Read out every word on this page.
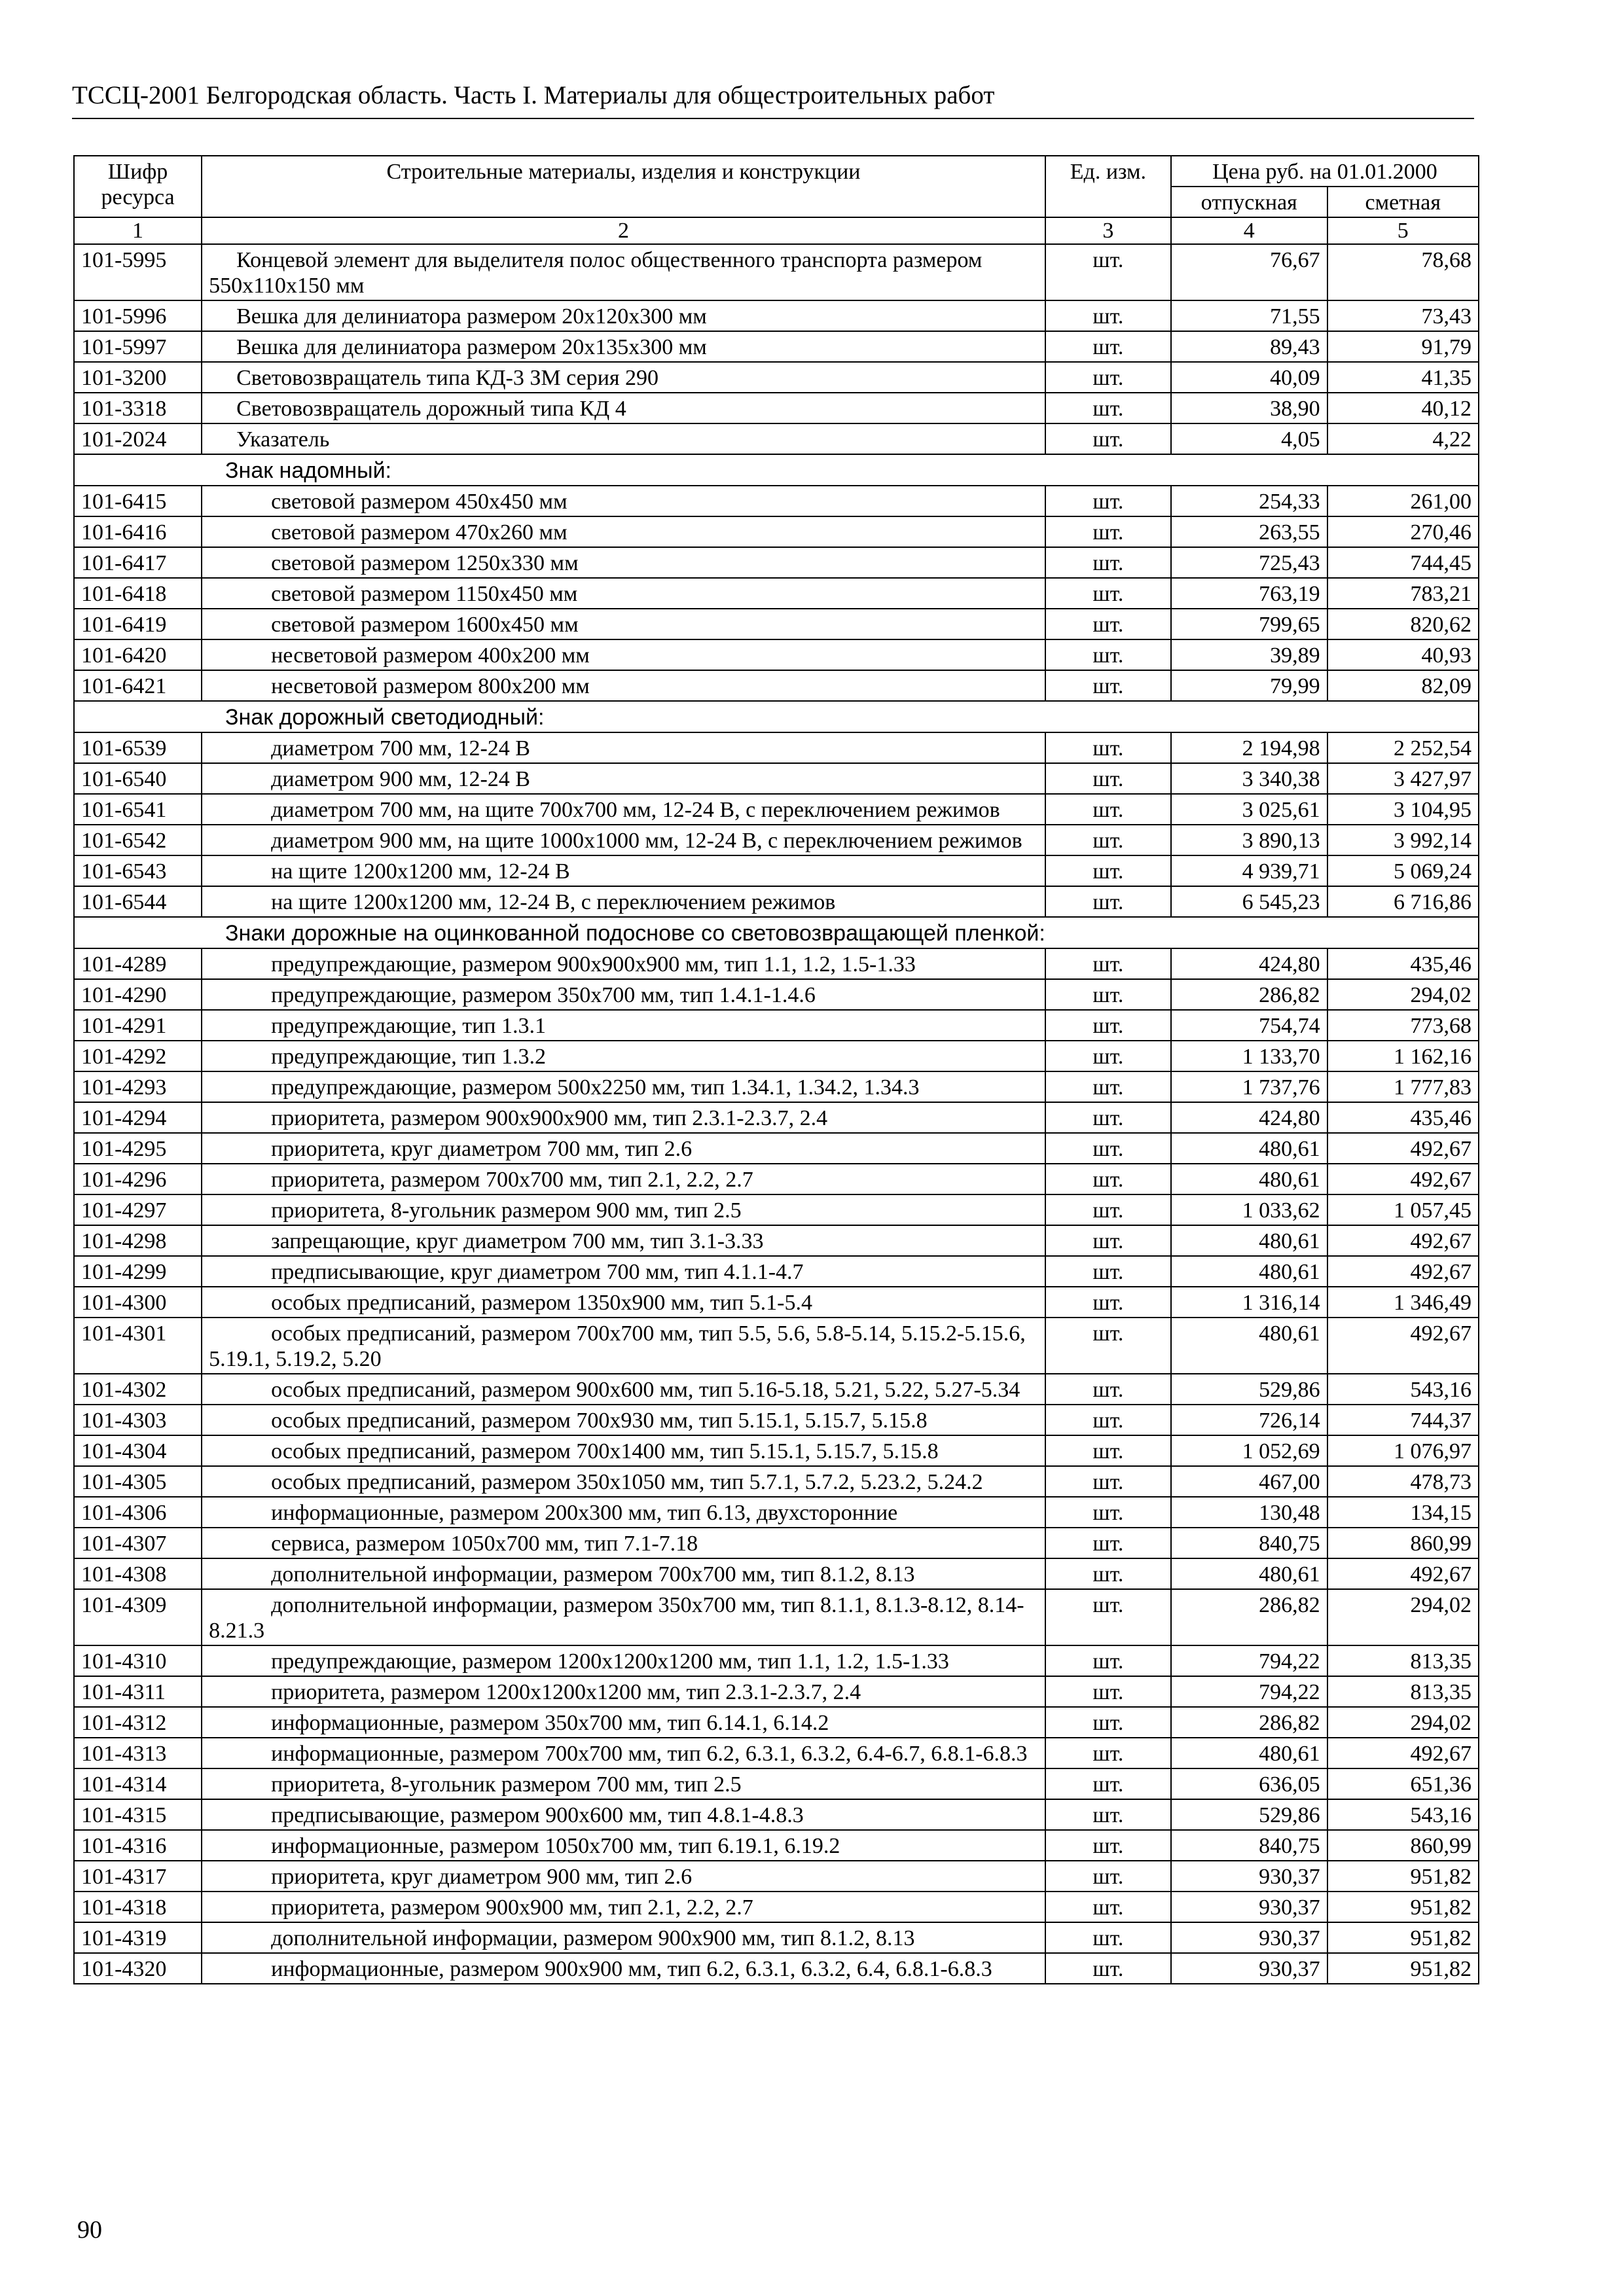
ТССЦ-2001 Белгородская область. Часть I. Материалы для общестроительных работ
Шифр ресурса	Строительные материалы, изделия и конструкции	Ед. изм.	Цена руб. на 01.01.2000	
			отпускная	сметная
1	2	3	4	5
101-5995	Концевой элемент для выделителя полос общественного транспорта размером 550х110х150 мм	шт.	76,67	78,68
101-5996	Вешка для делиниатора размером 20х120х300 мм	шт.	71,55	73,43
101-5997	Вешка для делиниатора размером 20х135х300 мм	шт.	89,43	91,79
101-3200	Световозвращатель типа КД-3 ЗМ серия 290	шт.	40,09	41,35
101-3318	Световозвращатель дорожный типа КД 4	шт.	38,90	40,12
101-2024	Указатель	шт.	4,05	4,22
Знак надомный:				
101-6415	световой размером 450х450 мм	шт.	254,33	261,00
101-6416	световой размером 470х260 мм	шт.	263,55	270,46
101-6417	световой размером 1250х330 мм	шт.	725,43	744,45
101-6418	световой размером 1150х450 мм	шт.	763,19	783,21
101-6419	световой размером 1600х450 мм	шт.	799,65	820,62
101-6420	несветовой размером 400х200 мм	шт.	39,89	40,93
101-6421	несветовой размером 800х200 мм	шт.	79,99	82,09
Знак дорожный светодиодный:				
101-6539	диаметром 700 мм, 12-24 В	шт.	2 194,98	2 252,54
101-6540	диаметром 900 мм, 12-24 В	шт.	3 340,38	3 427,97
101-6541	диаметром 700 мм, на щите 700х700 мм, 12-24 В, с переключением режимов	шт.	3 025,61	3 104,95
101-6542	диаметром 900 мм, на щите 1000х1000 мм, 12-24 В, с переключением режимов	шт.	3 890,13	3 992,14
101-6543	на щите 1200х1200 мм, 12-24 В	шт.	4 939,71	5 069,24
101-6544	на щите 1200х1200 мм, 12-24 В, с переключением режимов	шт.	6 545,23	6 716,86
Знаки дорожные на оцинкованной подоснове со световозвращающей пленкой:				
101-4289	предупреждающие, размером 900х900х900 мм, тип 1.1, 1.2, 1.5-1.33	шт.	424,80	435,46
101-4290	предупреждающие, размером 350х700 мм, тип 1.4.1-1.4.6	шт.	286,82	294,02
101-4291	предупреждающие, тип 1.3.1	шт.	754,74	773,68
101-4292	предупреждающие, тип 1.3.2	шт.	1 133,70	1 162,16
101-4293	предупреждающие, размером 500х2250 мм, тип 1.34.1, 1.34.2, 1.34.3	шт.	1 737,76	1 777,83
101-4294	приоритета, размером 900х900х900 мм, тип 2.3.1-2.3.7, 2.4	шт.	424,80	435,46
101-4295	приоритета, круг диаметром 700 мм, тип 2.6	шт.	480,61	492,67
101-4296	приоритета, размером 700х700 мм, тип 2.1, 2.2, 2.7	шт.	480,61	492,67
101-4297	приоритета, 8-угольник размером 900 мм, тип 2.5	шт.	1 033,62	1 057,45
101-4298	запрещающие, круг диаметром 700 мм, тип 3.1-3.33	шт.	480,61	492,67
101-4299	предписывающие, круг диаметром 700 мм, тип 4.1.1-4.7	шт.	480,61	492,67
101-4300	особых предписаний, размером 1350х900 мм, тип 5.1-5.4	шт.	1 316,14	1 346,49
101-4301	особых предписаний, размером 700х700 мм, тип 5.5, 5.6, 5.8-5.14, 5.15.2-5.15.6, 5.19.1, 5.19.2, 5.20	шт.	480,61	492,67
101-4302	особых предписаний, размером 900х600 мм, тип 5.16-5.18, 5.21, 5.22, 5.27-5.34	шт.	529,86	543,16
101-4303	особых предписаний, размером 700х930 мм, тип 5.15.1, 5.15.7, 5.15.8	шт.	726,14	744,37
101-4304	особых предписаний, размером 700х1400 мм, тип 5.15.1, 5.15.7, 5.15.8	шт.	1 052,69	1 076,97
101-4305	особых предписаний, размером 350х1050 мм, тип 5.7.1, 5.7.2, 5.23.2, 5.24.2	шт.	467,00	478,73
101-4306	информационные, размером 200х300 мм, тип 6.13, двухсторонние	шт.	130,48	134,15
101-4307	сервиса, размером 1050х700 мм, тип 7.1-7.18	шт.	840,75	860,99
101-4308	дополнительной информации, размером 700х700 мм, тип 8.1.2, 8.13	шт.	480,61	492,67
101-4309	дополнительной информации, размером 350х700 мм, тип 8.1.1, 8.1.3-8.12, 8.14-8.21.3	шт.	286,82	294,02
101-4310	предупреждающие, размером 1200х1200х1200 мм, тип 1.1, 1.2, 1.5-1.33	шт.	794,22	813,35
101-4311	приоритета, размером 1200х1200х1200 мм, тип 2.3.1-2.3.7, 2.4	шт.	794,22	813,35
101-4312	информационные, размером 350х700 мм, тип 6.14.1, 6.14.2	шт.	286,82	294,02
101-4313	информационные, размером 700х700 мм, тип 6.2, 6.3.1, 6.3.2, 6.4-6.7, 6.8.1-6.8.3	шт.	480,61	492,67
101-4314	приоритета, 8-угольник размером 700 мм, тип 2.5	шт.	636,05	651,36
101-4315	предписывающие, размером 900х600 мм, тип 4.8.1-4.8.3	шт.	529,86	543,16
101-4316	информационные, размером 1050х700 мм, тип 6.19.1, 6.19.2	шт.	840,75	860,99
101-4317	приоритета, круг диаметром 900 мм, тип 2.6	шт.	930,37	951,82
101-4318	приоритета, размером 900х900 мм, тип 2.1, 2.2, 2.7	шт.	930,37	951,82
101-4319	дополнительной информации, размером 900х900 мм, тип 8.1.2, 8.13	шт.	930,37	951,82
101-4320	информационные, размером 900х900 мм, тип 6.2, 6.3.1, 6.3.2, 6.4, 6.8.1-6.8.3	шт.	930,37	951,82
90
